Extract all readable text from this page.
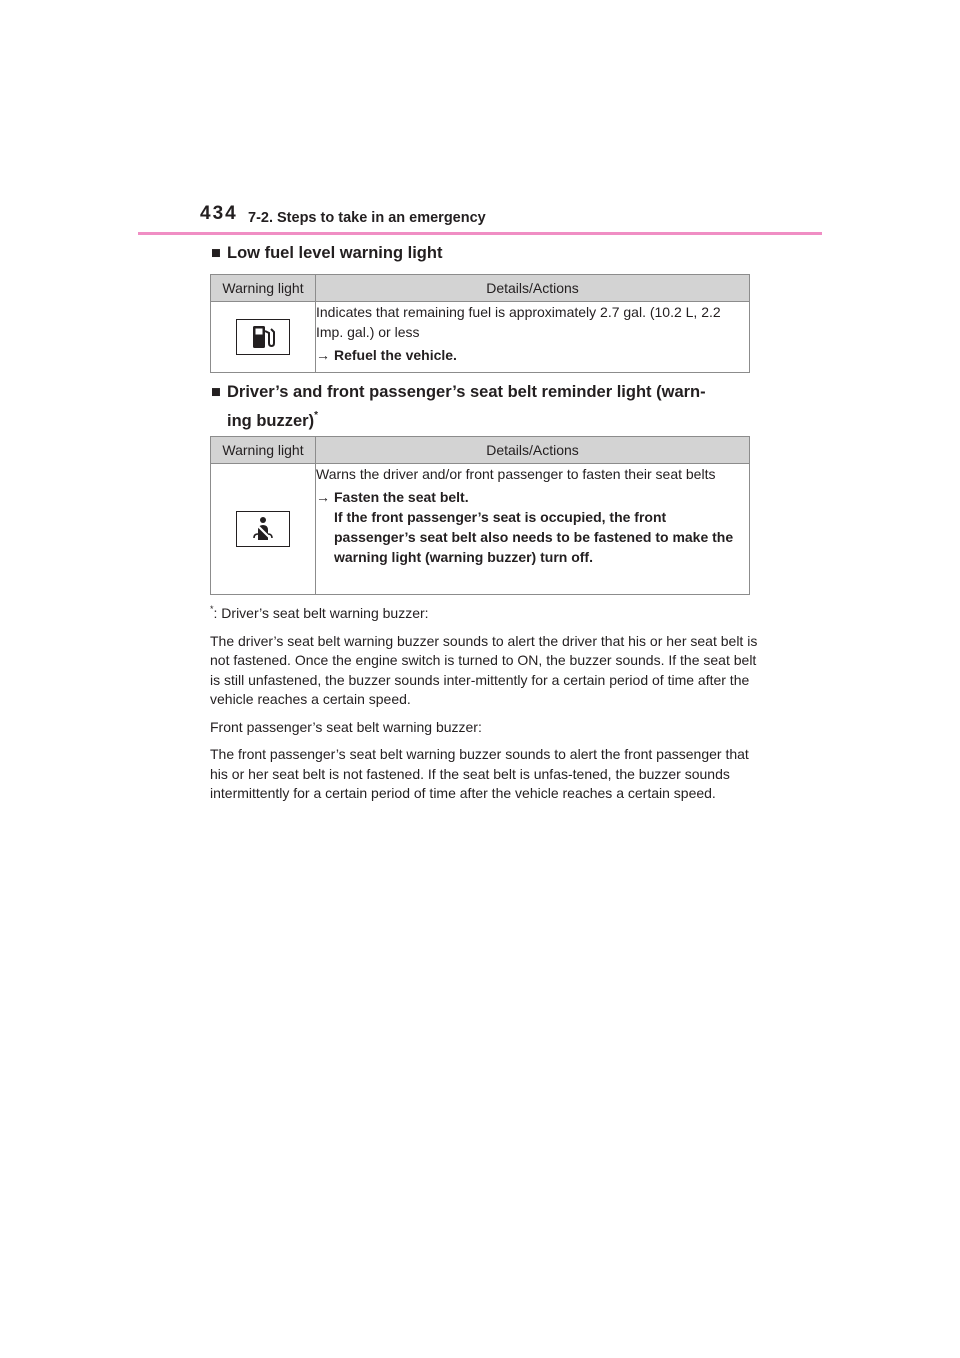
434 7-2. Steps to take in an emergency
■ Low fuel level warning light
Warning light	Details/Actions

Indicates that remaining fuel is approximately 2.7 gal. (10.2 L, 2.2 Imp. gal.) or less
→ Refuel the vehicle.
■ Driver’s and front passenger’s seat belt reminder light (warn-
ing buzzer)*
Warning light	Details/Actions

Warns the driver and/or front passenger to fasten their seat belts
→ Fasten the seat belt.
If the front passenger’s seat is occupied, the front passenger’s seat belt also needs to be fastened to make the warning light (warning buzzer) turn off.

*: Driver’s seat belt warning buzzer:

The driver’s seat belt warning buzzer sounds to alert the driver that his or her seat belt is not fastened. Once the engine switch is turned to ON, the buzzer sounds. If the seat belt is still unfastened, the buzzer sounds inter-mittently for a certain period of time after the vehicle reaches a certain speed.

Front passenger’s seat belt warning buzzer:

The front passenger’s seat belt warning buzzer sounds to alert the front passenger that his or her seat belt is not fastened. If the seat belt is unfas-tened, the buzzer sounds intermittently for a certain period of time after the vehicle reaches a certain speed.
